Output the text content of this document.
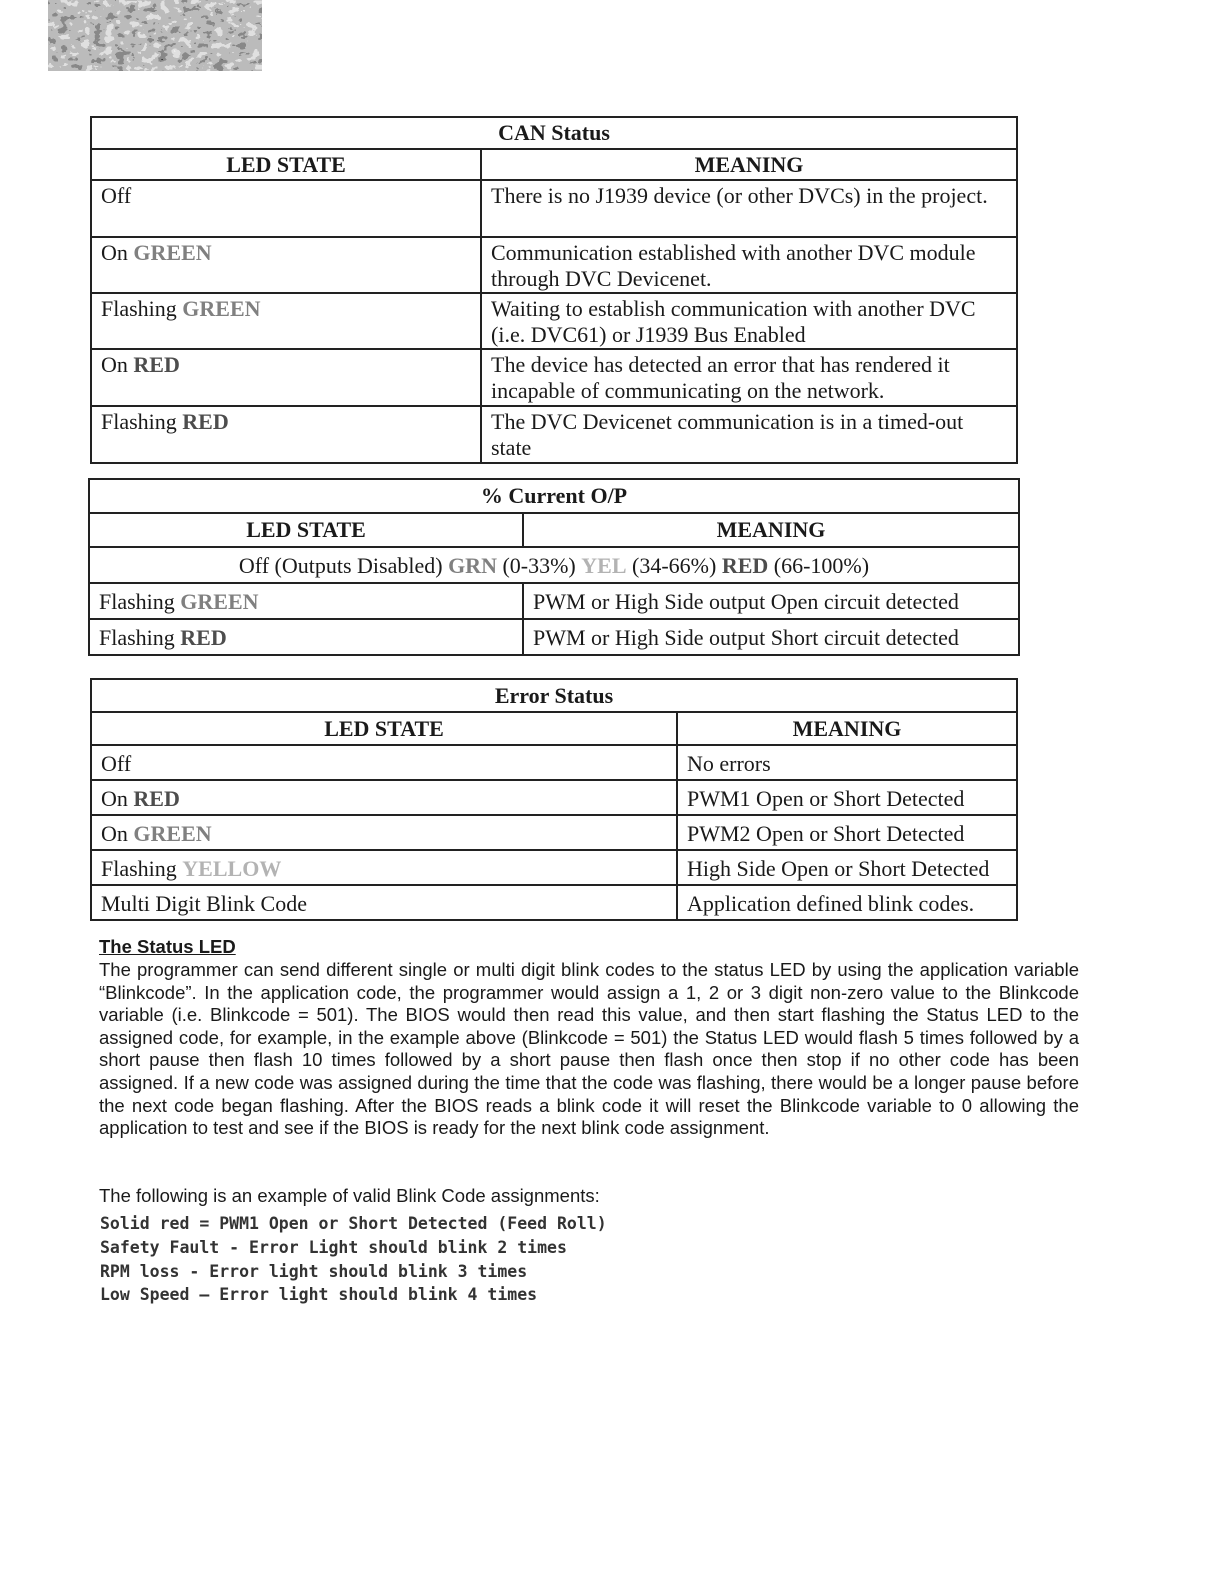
CAN Status	
LED STATE	MEANING
Off	There is no J1939 device (or other DVCs) in the project.
On GREEN	Communication established with another DVC module through DVC Devicenet.
Flashing GREEN	Waiting to establish communication with another DVC (i.e. DVC61) or J1939 Bus Enabled
On RED	The device has detected an error that has rendered it incapable of communicating on the network.
Flashing RED	The DVC Devicenet communication is in a timed-out state
% Current O/P	
LED STATE	MEANING
Off (Outputs Disabled) GRN (0-33%) YEL (34-66%) RED (66-100%)	
Flashing GREEN	PWM or High Side output Open circuit detected
Flashing RED	PWM or High Side output Short circuit detected
Error Status	
LED STATE	MEANING
Off	No errors
On RED	PWM1 Open or Short Detected
On GREEN	PWM2 Open or Short Detected
Flashing YELLOW	High Side Open or Short Detected
Multi Digit Blink Code	Application defined blink codes.
The Status LED
The programmer can send different single or multi digit blink codes to the status LED by using the application variable “Blinkcode”. In the application code, the programmer would assign a 1, 2 or 3 digit non-zero value to the Blinkcode variable (i.e. Blinkcode = 501). The BIOS would then read this value, and then start flashing the Status LED to the assigned code, for example, in the example above (Blinkcode = 501) the Status LED would flash 5 times followed by a short pause then flash 10 times followed by a short pause then flash once then stop if no other code has been assigned. If a new code was assigned during the time that the code was flashing, there would be a longer pause before the next code began flashing. After the BIOS reads a blink code it will reset the Blinkcode variable to 0 allowing the application to test and see if the BIOS is ready for the next blink code assignment.
The following is an example of valid Blink Code assignments:
Solid red = PWM1 Open or Short Detected (Feed Roll)
Safety Fault - Error Light should blink 2 times
RPM loss - Error light should blink 3 times
Low Speed – Error light should blink 4 times
